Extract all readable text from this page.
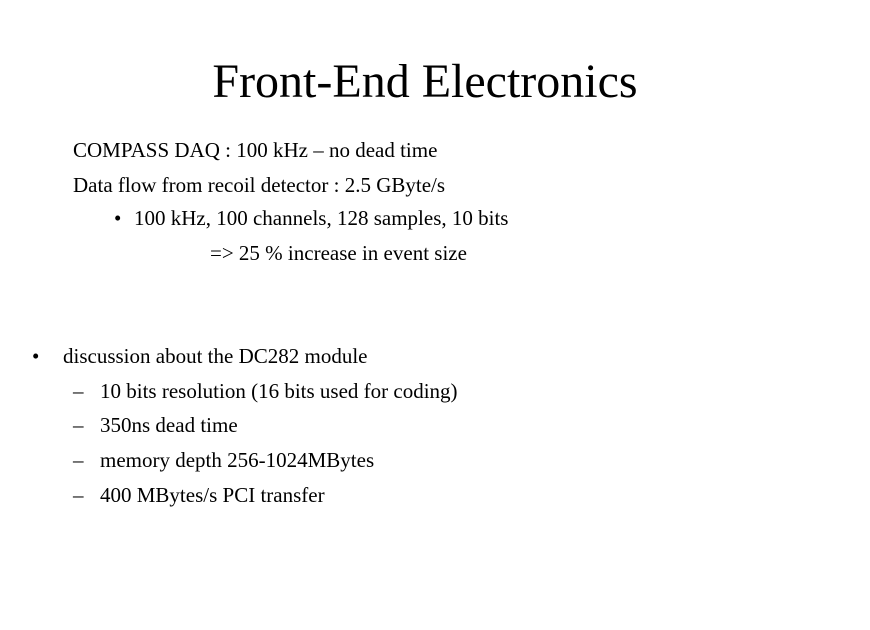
Front-End Electronics
COMPASS DAQ : 100 kHz – no dead time
Data flow from recoil detector : 2.5 GByte/s
• 100 kHz, 100 channels, 128 samples, 10 bits
=> 25 % increase in event size
• discussion about the DC282 module
– 10 bits resolution (16 bits used for coding)
– 350ns dead time
– memory depth 256-1024MBytes
– 400 MBytes/s PCI transfer
